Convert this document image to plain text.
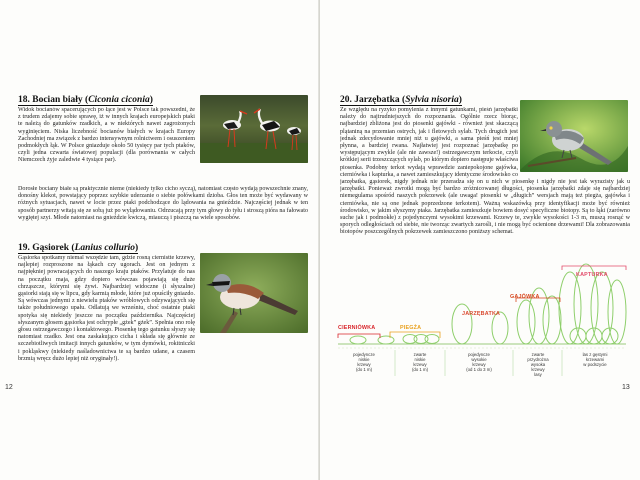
18. Bocian biały (Ciconia ciconia)
Widok bocianów spacerujących po łące jest w Polsce tak powszedni, że z trudem zdajemy sobie sprawę, iż w innych krajach europejskich ptaki te należą do gatunków rzadkich, a w niektórych nawet zagrożonych wyginięciem. Niska liczebność bocianów białych w krajach Europy Zachodniej ma związek z bardzo intensywnym rolnictwem i osuszeniem podmokłych łąk. W Polsce gniazduje około 50 tysięcy par tych ptaków, czyli jedna czwarta światowej populacji (dla porównania w całych Niemczech żyje zaledwie 4 tysiące par).
Dorosłe bociany białe są praktycznie nieme (niekiedy tylko cicho syczą), natomiast często wydają powszechnie znany, donośny klekot, powstający poprzez szybkie uderzanie o siebie połówkami dzioba. Głos ten może być wydawany w różnych sytuacjach, nawet w locie przez ptaki podchodzące do lądowania na gnieździe. Najczęściej jednak w ten sposób partnerzy witają się ze sobą już po wylądowaniu. Odrzucają przy tym głowy do tyłu i stroszą pióra na fałowato wygiętej szyi. Młode natomiast na gnieździe kwiczą, miauczą i piszczą na wiele sposobów.
19. Gąsiorek (Lanius collurio)
Gąsiorka spotkamy niemal wszędzie tam, gdzie rosną ciernistte krzewy, najlepiej rozproszone na łąkach czy ugorach. Jest on jednym z najpiękniej powracających do naszego kraju ptaków. Przylatuje do nas na początku maja, gdzy dopiero wówczas pojawiają się duże chrząszcze, którymi się żywi. Najbardziej widoczne (i słyszalne) gąsiorki stają się w lipcu, gdy karmią młode, które już opuściły gniazdo. Są wówczas jednymi z niewielu ptaków wróblowych odzywających się także południowego upału. Odlatują we wrześniu, choć ostatnie ptaki spotyka się niekiedy jeszcze na początku października. Najczęściej słyszanym głosem gąsiorka jest ochrypłe „gżek” gżek”. Spełnia ono rolę głosu ostrzegawczego i kontaktowego. Piosenkę tego gatunku słyszy się natomiast rzadko. Jest ona zaskakująco cicha i składa się głównie ze szczebiotliwych imitacji innych gatunków, w tym dymówki, rokitniczki i pokląskwy (niekiedy naśladownictwa te są bardzo udane, a czasem brzmią wręcz dużo lepiej niż oryginały!).
12
20. Jarzębatka (Sylvia nisoria)
Ze względu na ryzyko pomylenia z innymi gatunkami, pieśń jarzębatki należy do najtrudniejszych do rozpoznania. Ogólnie rzecz biorąc, najbardziej zbliżona jest do piosenki gajówki - również jest skaczącą plątaniną na przemian ostrych, jak i fletowych sylab. Tych drugich jest jednak zdecydowanie mniej niż u gajówki, a sama pieśń jest mniej płynna, a bardziej rwana. Najłatwiej jest rozpoznać jarzębatkę po występującym zwykle (ale nie zawsze!) ostrzegawczym terkocie, czyli krótkiej serii trzeszczących sylab, po którym dopiero następuje właściwa piosenka. Podobny terkot wydają wprawdzie zaniepokojone gajówka, cierniówka i kapturka, a nawet zamieszkujący identyczne środowisko co jarzębatka, gąsiorek, nigdy jednak nie przeradza się on u nich w piosenkę i nigdy nie jest tak wyrazisty jak u jarzębatki. Ponieważ zwrotki mogą być bardzo zróżnicowanej długości, piosenka jarzębatki zdaje się najbardziej niemegulama spośród naszych pokrzewek (ale uwaga! piosenki w „długich” wersjach mają też piegża, gajówka i cierniówka, nie są one jednak poprzedzone terkotem). Ważną wskazówką przy identyfikacji może być również środowisko, w jakim słyszymy ptaka. Jarzębatka zamieszkuje bowiem dosyć specyficzne biotopy. Są to łąki (zarówno suche jak i podmokłe) z pojedynczymi wysokimi krzewami. Krzewy te, zwykle wysokości 1-3 m, muszą rosnąć w sporych odległościach od siebie, nie tworząc zwartych zarośli, i nie mogą być ocienione drzewami! Dla zobrazowania biotopów poszczególnych pokrzewek zamieszczono poniższy schemat.
13
CIERNIÓWKA	PIEGŻA
JARZĘBATKA
GAJÓWKA
KAPTURKA
pojedyncze
niskie
krzewy
(do 1 m)
zwarte
niskie
krzewy
(do 1 m)
pojedyncze
wysokie
krzewy
(od 1 do 3 m)
zwarte
przydrożna
wysoka
krzewy
lasy
las z gęstymi
krzewami
w podszycie
